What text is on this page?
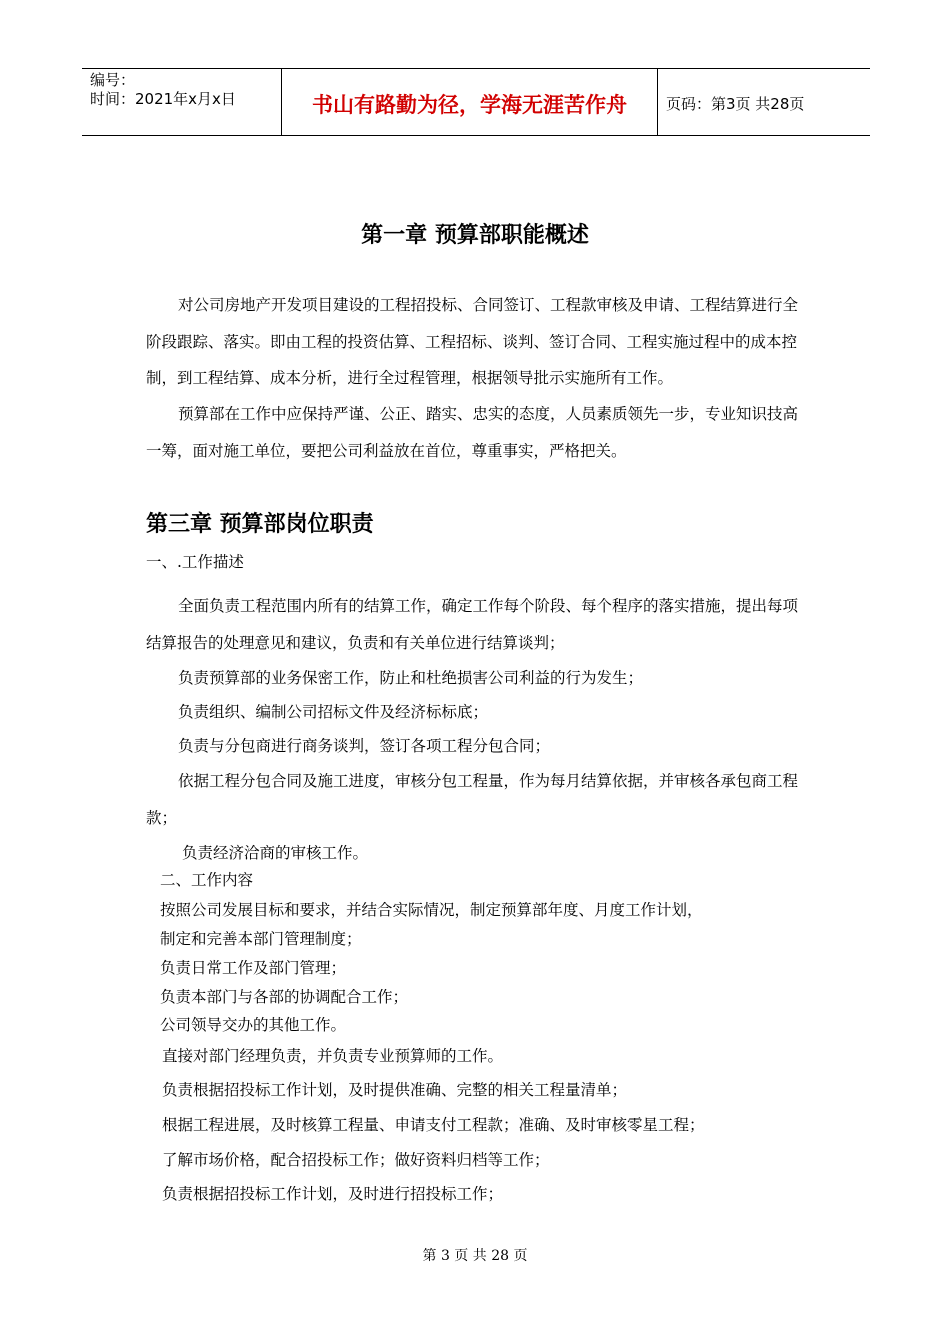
编号：
时间：2021年x月x日	书山有路勤为径，学海无涯苦作舟	页码：第3页 共28页
第一章 预算部职能概述

对公司房地产开发项目建设的工程招投标、合同签订、工程款审核及申请、工程结算进行全阶段跟踪、落实。即由工程的投资估算、工程招标、谈判、签订合同、工程实施过程中的成本控制，到工程结算、成本分析，进行全过程管理，根据领导批示实施所有工作。

预算部在工作中应保持严谨、公正、踏实、忠实的态度，人员素质领先一步，专业知识技高一筹，面对施工单位，要把公司利益放在首位，尊重事实，严格把关。

第三章 预算部岗位职责
一、.工作描述

全面负责工程范围内所有的结算工作，确定工作每个阶段、每个程序的落实措施，提出每项结算报告的处理意见和建议，负责和有关单位进行结算谈判；

负责预算部的业务保密工作，防止和杜绝损害公司利益的行为发生；

负责组织、编制公司招标文件及经济标标底；

负责与分包商进行商务谈判，签订各项工程分包合同；

依据工程分包合同及施工进度，审核分包工程量，作为每月结算依据，并审核各承包商工程款；

负责经济洽商的审核工作。
二、工作内容
按照公司发展目标和要求，并结合实际情况，制定预算部年度、月度工作计划，
制定和完善本部门管理制度；
负责日常工作及部门管理；
负责本部门与各部的协调配合工作；
公司领导交办的其他工作。
直接对部门经理负责，并负责专业预算师的工作。
负责根据招投标工作计划，及时提供准确、完整的相关工程量清单；
根据工程进展，及时核算工程量、申请支付工程款；准确、及时审核零星工程；
了解市场价格，配合招投标工作；做好资料归档等工作；
负责根据招投标工作计划，及时进行招投标工作；
第 3 页 共 28 页
